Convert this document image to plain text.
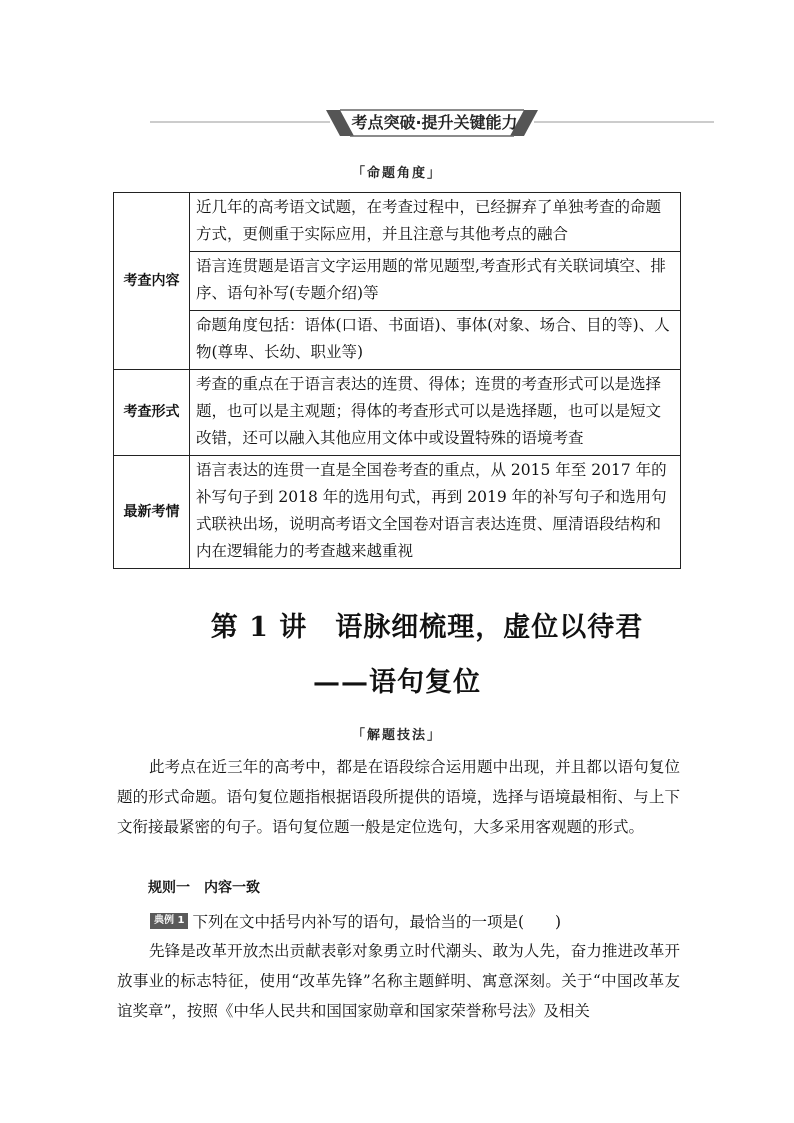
考点突破·提升关键能力
「命题角度」
考查内容	近几年的高考语文试题，在考查过程中，已经摒弃了单独考查的命题方式，更侧重于实际应用，并且注意与其他考点的融合
	语言连贯题是语言文字运用题的常见题型,考查形式有关联词填空、排序、语句补写(专题介绍)等
	命题角度包括：语体(口语、书面语)、事体(对象、场合、目的等)、人物(尊卑、长幼、职业等)
考查形式	考查的重点在于语言表达的连贯、得体；连贯的考查形式可以是选择题，也可以是主观题；得体的考查形式可以是选择题，也可以是短文改错，还可以融入其他应用文体中或设置特殊的语境考查
最新考情	语言表达的连贯一直是全国卷考查的重点，从 2015 年至 2017 年的补写句子到 2018 年的选用句式，再到 2019 年的补写句子和选用句式联袂出场，说明高考语文全国卷对语言表达连贯、厘清语段结构和内在逻辑能力的考查越来越重视
第 1 讲　语脉细梳理，虚位以待君
——语句复位
「解题技法」

此考点在近三年的高考中，都是在语段综合运用题中出现，并且都以语句复位题的形式命题。语句复位题指根据语段所提供的语境，选择与语境最相衔、与上下文衔接最紧密的句子。语句复位题一般是定位选句，大多采用客观题的形式。

规则一　内容一致
典例 1 下列在文中括号内补写的语句，最恰当的一项是(　　)

先锋是改革开放杰出贡献表彰对象勇立时代潮头、敢为人先，奋力推进改革开放事业的标志特征，使用“改革先锋”名称主题鲜明、寓意深刻。关于“中国改革友谊奖章”，按照《中华人民共和国国家勋章和国家荣誉称号法》及相关
